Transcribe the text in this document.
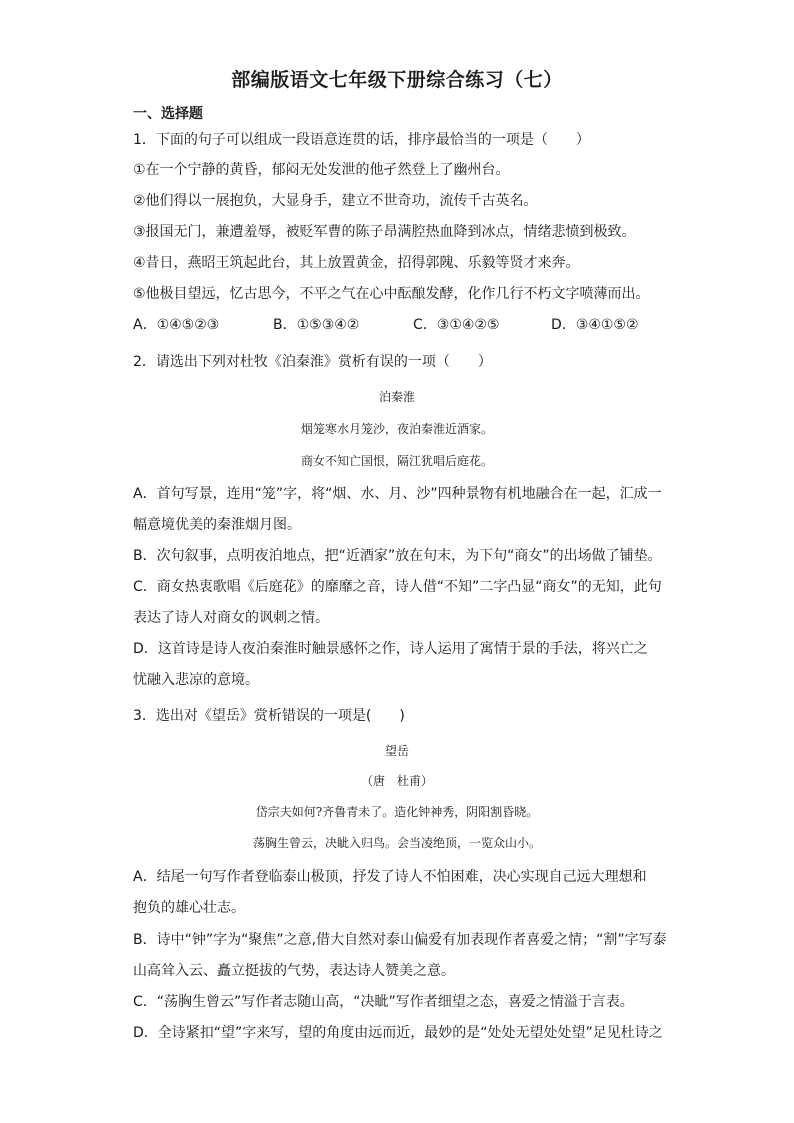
部编版语文七年级下册综合练习（七）
一、选择题
1．下面的句子可以组成一段语意连贯的话，排序最恰当的一项是（　　）
①在一个宁静的黄昏，郁闷无处发泄的他孑然登上了幽州台。
②他们得以一展抱负，大显身手，建立不世奇功，流传千古英名。
③报国无门，兼遭羞辱，被贬军曹的陈子昂满腔热血降到冰点，情绪悲愤到极致。
④昔日，燕昭王筑起此台，其上放置黄金，招得郭隗、乐毅等贤才来奔。
⑤他极目望远，忆古思今，不平之气在心中酝酿发酵，化作几行不朽文字喷薄而出。
A．①④⑤②③	B．①⑤③④②	C．③①④②⑤	D．③④①⑤②
2．请选出下列对杜牧《泊秦淮》赏析有误的一项（　　）
泊秦淮
烟笼寒水月笼沙，夜泊秦淮近酒家。
商女不知亡国恨，隔江犹唱后庭花。
A．首句写景，连用“笼”字，将“烟、水、月、沙”四种景物有机地融合在一起，汇成一
幅意境优美的秦淮烟月图。
B．次句叙事，点明夜泊地点，把“近酒家”放在句末，为下句“商女”的出场做了铺垫。
C．商女热衷歌唱《后庭花》的靡靡之音，诗人借“不知”二字凸显“商女”的无知，此句
表达了诗人对商女的讽刺之情。
D．这首诗是诗人夜泊秦淮时触景感怀之作，诗人运用了寓情于景的手法，将兴亡之
忧融入悲凉的意境。
3．选出对《望岳》赏析错误的一项是(　　)
望岳
（唐　杜甫）
岱宗夫如何?齐鲁青未了。造化钟神秀，阴阳割昏晓。
荡胸生曾云，决眦入归鸟。会当凌绝顶，一览众山小。
A．结尾一句写作者登临泰山极顶，抒发了诗人不怕困难，决心实现自己远大理想和
抱负的雄心壮志。
B．诗中“钟”字为“聚焦”之意,借大自然对泰山偏爱有加表现作者喜爱之情；“割”字写泰
山高耸入云、矗立挺拔的气势，表达诗人赞美之意。
C．“荡胸生曾云”写作者志随山高，“决眦”写作者细望之态，喜爱之情溢于言表。
D．全诗紧扣“望”字来写，望的角度由远而近，最妙的是“处处无望处处望”足见杜诗之
